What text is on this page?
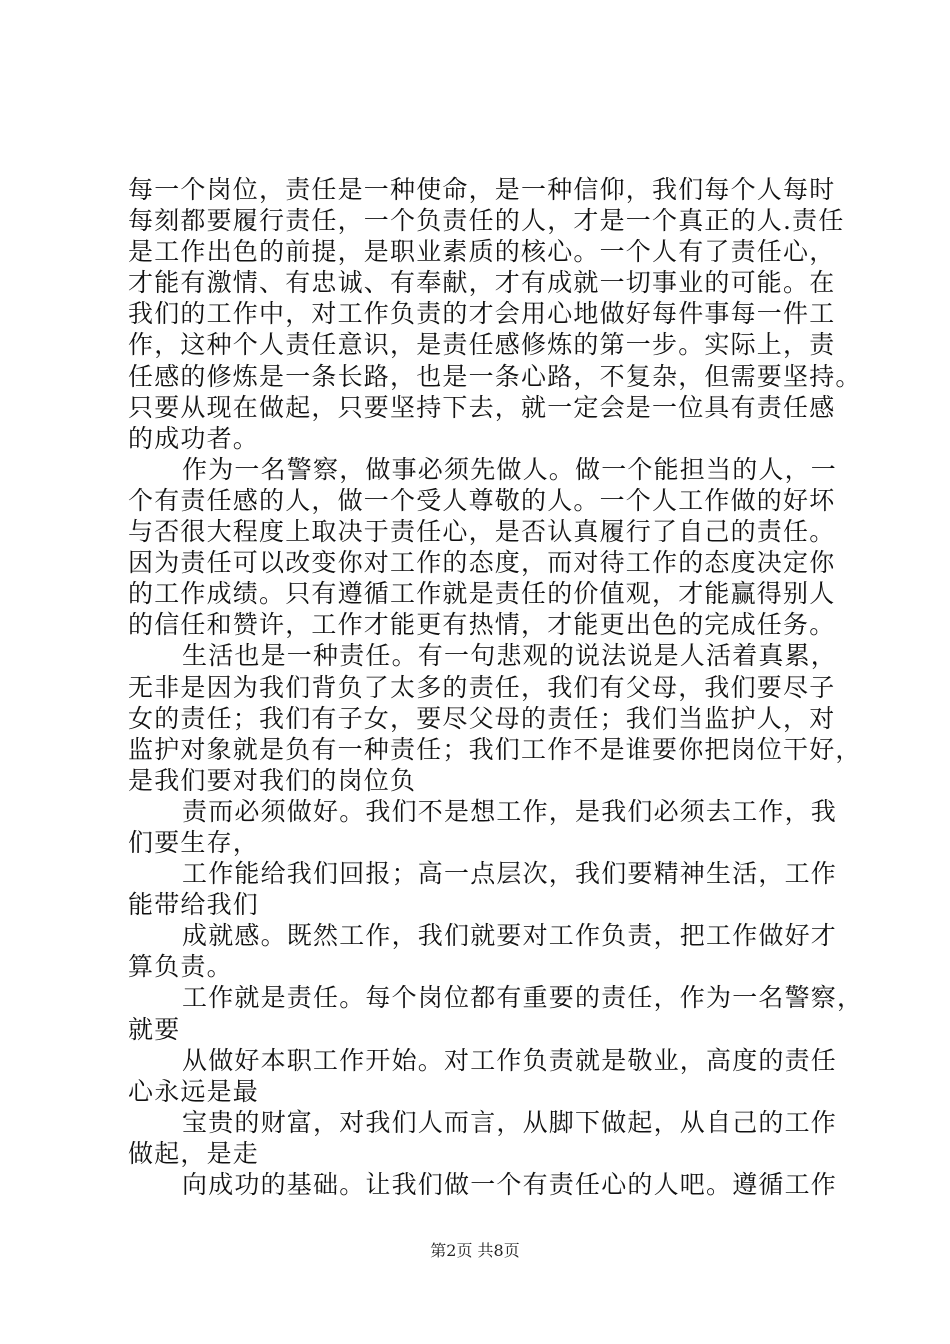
每一个岗位，责任是一种使命，是一种信仰，我们每个人每时
每刻都要履行责任，一个负责任的人，才是一个真正的人.责任
是工作出色的前提，是职业素质的核心。一个人有了责任心，
才能有激情、有忠诚、有奉献，才有成就一切事业的可能。在
我们的工作中，对工作负责的才会用心地做好每件事每一件工
作，这种个人责任意识，是责任感修炼的第一步。实际上，责
任感的修炼是一条长路，也是一条心路，不复杂，但需要坚持。
只要从现在做起，只要坚持下去，就一定会是一位具有责任感
的成功者。
作为一名警察，做事必须先做人。做一个能担当的人，一
个有责任感的人，做一个受人尊敬的人。一个人工作做的好坏
与否很大程度上取决于责任心，是否认真履行了自己的责任。
因为责任可以改变你对工作的态度，而对待工作的态度决定你
的工作成绩。只有遵循工作就是责任的价值观，才能赢得别人
的信任和赞许，工作才能更有热情，才能更出色的完成任务。
生活也是一种责任。有一句悲观的说法说是人活着真累，
无非是因为我们背负了太多的责任，我们有父母，我们要尽子
女的责任；我们有子女，要尽父母的责任；我们当监护人，对
监护对象就是负有一种责任；我们工作不是谁要你把岗位干好，
是我们要对我们的岗位负
责而必须做好。我们不是想工作，是我们必须去工作，我
们要生存，
工作能给我们回报；高一点层次，我们要精神生活，工作
能带给我们
成就感。既然工作，我们就要对工作负责，把工作做好才
算负责。
工作就是责任。每个岗位都有重要的责任，作为一名警察，
就要
从做好本职工作开始。对工作负责就是敬业，高度的责任
心永远是最
宝贵的财富，对我们人而言，从脚下做起，从自己的工作
做起，是走
向成功的基础。让我们做一个有责任心的人吧。遵循工作
第2页 共8页
